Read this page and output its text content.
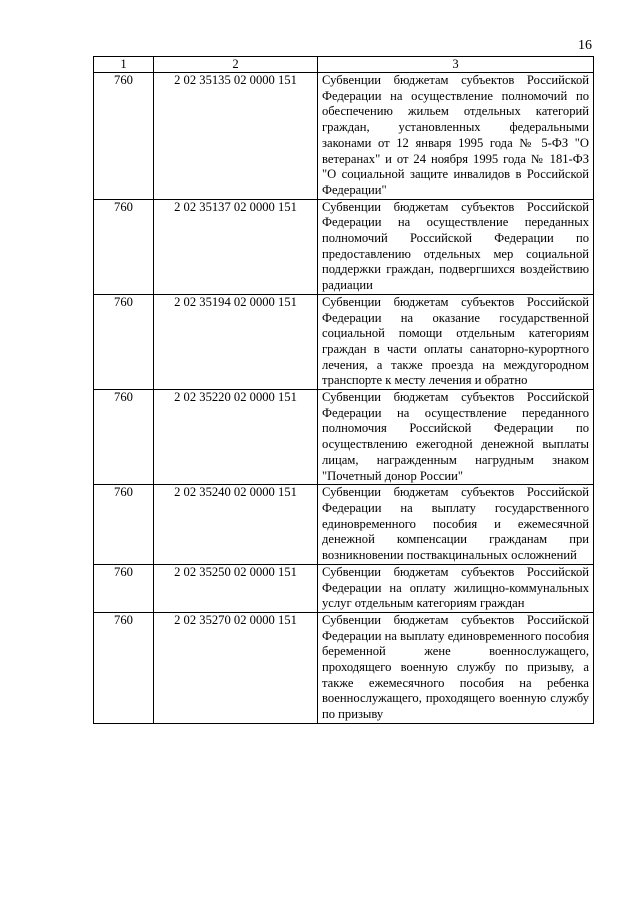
16
1	2	3
760	2 02 35135 02 0000 151	Субвенции бюджетам субъектов Российской Федерации на осуществление полномочий по обеспечению жильем отдельных категорий граждан, установленных федеральными законами от 12 января 1995 года № 5-ФЗ "О ветеранах" и от 24 ноября 1995 года № 181-ФЗ "О социальной защите инвалидов в Российской Федерации"
760	2 02 35137 02 0000 151	Субвенции бюджетам субъектов Российской Федерации на осуществление переданных полномочий Российской Федерации по предоставлению отдельных мер социальной поддержки граждан, подвергшихся воздействию радиации
760	2 02 35194 02 0000 151	Субвенции бюджетам субъектов Российской Федерации на оказание государственной социальной помощи отдельным категориям граждан в части оплаты санаторно-курортного лечения, а также проезда на междугородном транспорте к месту лечения и обратно
760	2 02 35220 02 0000 151	Субвенции бюджетам субъектов Российской Федерации на осуществление переданного полномочия Российской Федерации по осуществлению ежегодной денежной выплаты лицам, награжденным нагрудным знаком "Почетный донор России"
760	2 02 35240 02 0000 151	Субвенции бюджетам субъектов Российской Федерации на выплату государственного единовременного пособия и ежемесячной денежной компенсации гражданам при возникновении поствакцинальных осложнений
760	2 02 35250 02 0000 151	Субвенции бюджетам субъектов Российской Федерации на оплату жилищно-коммунальных услуг отдельным категориям граждан
760	2 02 35270 02 0000 151	Субвенции бюджетам субъектов Российской Федерации на выплату единовременного пособия беременной жене военнослужащего, проходящего военную службу по призыву, а также ежемесячного пособия на ребенка военнослужащего, проходящего военную службу по призыву
